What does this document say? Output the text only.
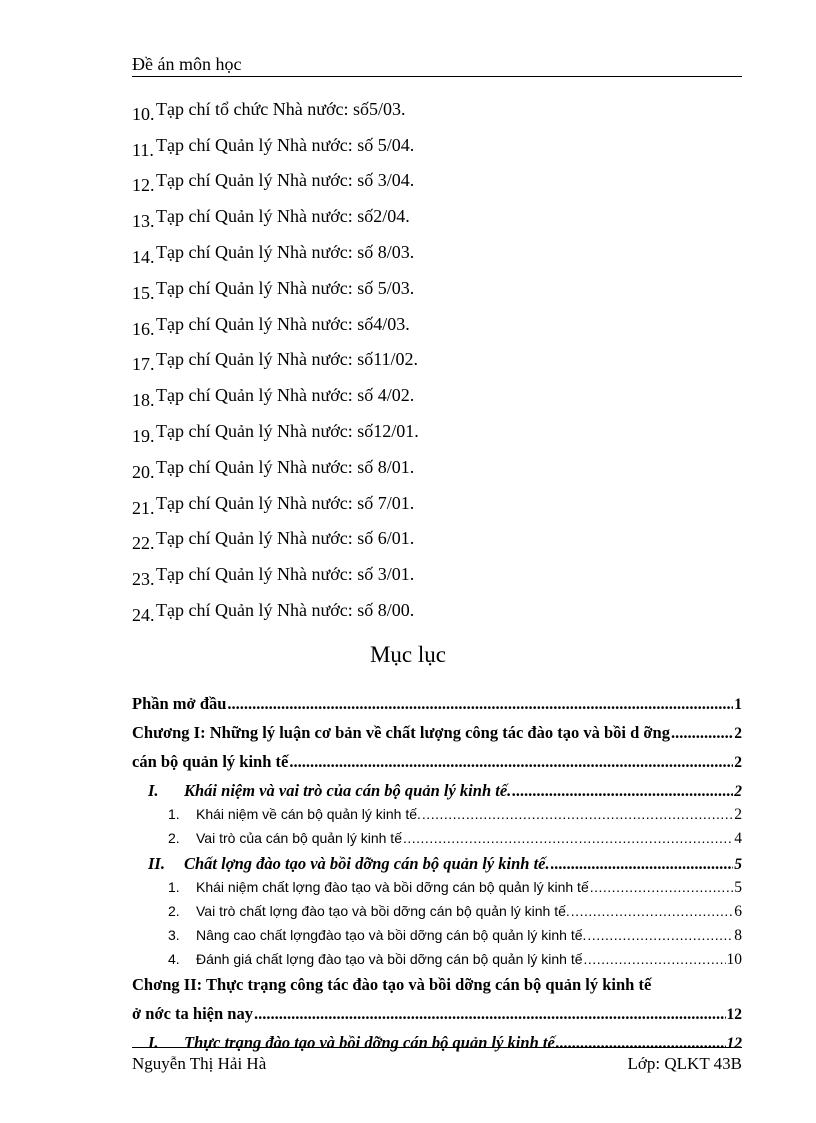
Đề án môn học
10. Tạp chí tổ chức Nhà nước: số5/03.
11. Tạp chí Quản lý Nhà nước: số 5/04.
12. Tạp chí Quản lý Nhà nước: số 3/04.
13. Tạp chí Quản lý Nhà nước: số2/04.
14. Tạp chí Quản lý Nhà nước: số 8/03.
15. Tạp chí Quản lý Nhà nước: số 5/03.
16. Tạp chí Quản lý Nhà nước: số4/03.
17. Tạp chí Quản lý Nhà nước: số11/02.
18. Tạp chí Quản lý Nhà nước: số 4/02.
19. Tạp chí Quản lý Nhà nước: số12/01.
20. Tạp chí Quản lý Nhà nước: số 8/01.
21. Tạp chí Quản lý Nhà nước: số 7/01.
22. Tạp chí Quản lý Nhà nước: số 6/01.
23. Tạp chí Quản lý Nhà nước: số 3/01.
24. Tạp chí Quản lý Nhà nước: số 8/00.
Mục lục
Phần mở đầu .....	1
Chương I: Những lý luận cơ bản về chất lượng công tác đào tạo và bồi d ỡng .....	2
cán bộ quản lý kinh tế .....	2
I.	Khái niệm và vai trò của cán bộ quản lý kinh tế. .....	2
1.	Khái niệm về cán bộ quản lý kinh tế. .....	2
2.	Vai trò của cán bộ quản lý kinh tế .....	4
II.	Chất lợng đào tạo và bồi dỡng cán bộ quản lý kinh tế. .....	5
1.	Khái niệm chất lợng đào tạo và bồi dỡng cán bộ quản lý kinh tế .....	5
2.	Vai trò chất lợng đào tạo và bồi dỡng cán bộ quản lý kinh tế. .....	6
3.	Nâng cao chất lợngđào tạo và bồi dỡng cán bộ quản lý kinh tế. .....	8
4.	Đánh giá chất lợng đào tạo và bồi dỡng cán bộ quản lý kinh tế .....	10
Chơng II: Thực trạng công tác đào tạo và bồi dỡng cán bộ quản lý kinh tế
ở nớc ta hiện nay .....	12
I.	Thực trạng đào tạo và bồi dỡng cán bộ quản lý kinh tế .....	12
Nguyễn Thị Hải Hà	Lớp: QLKT 43B
